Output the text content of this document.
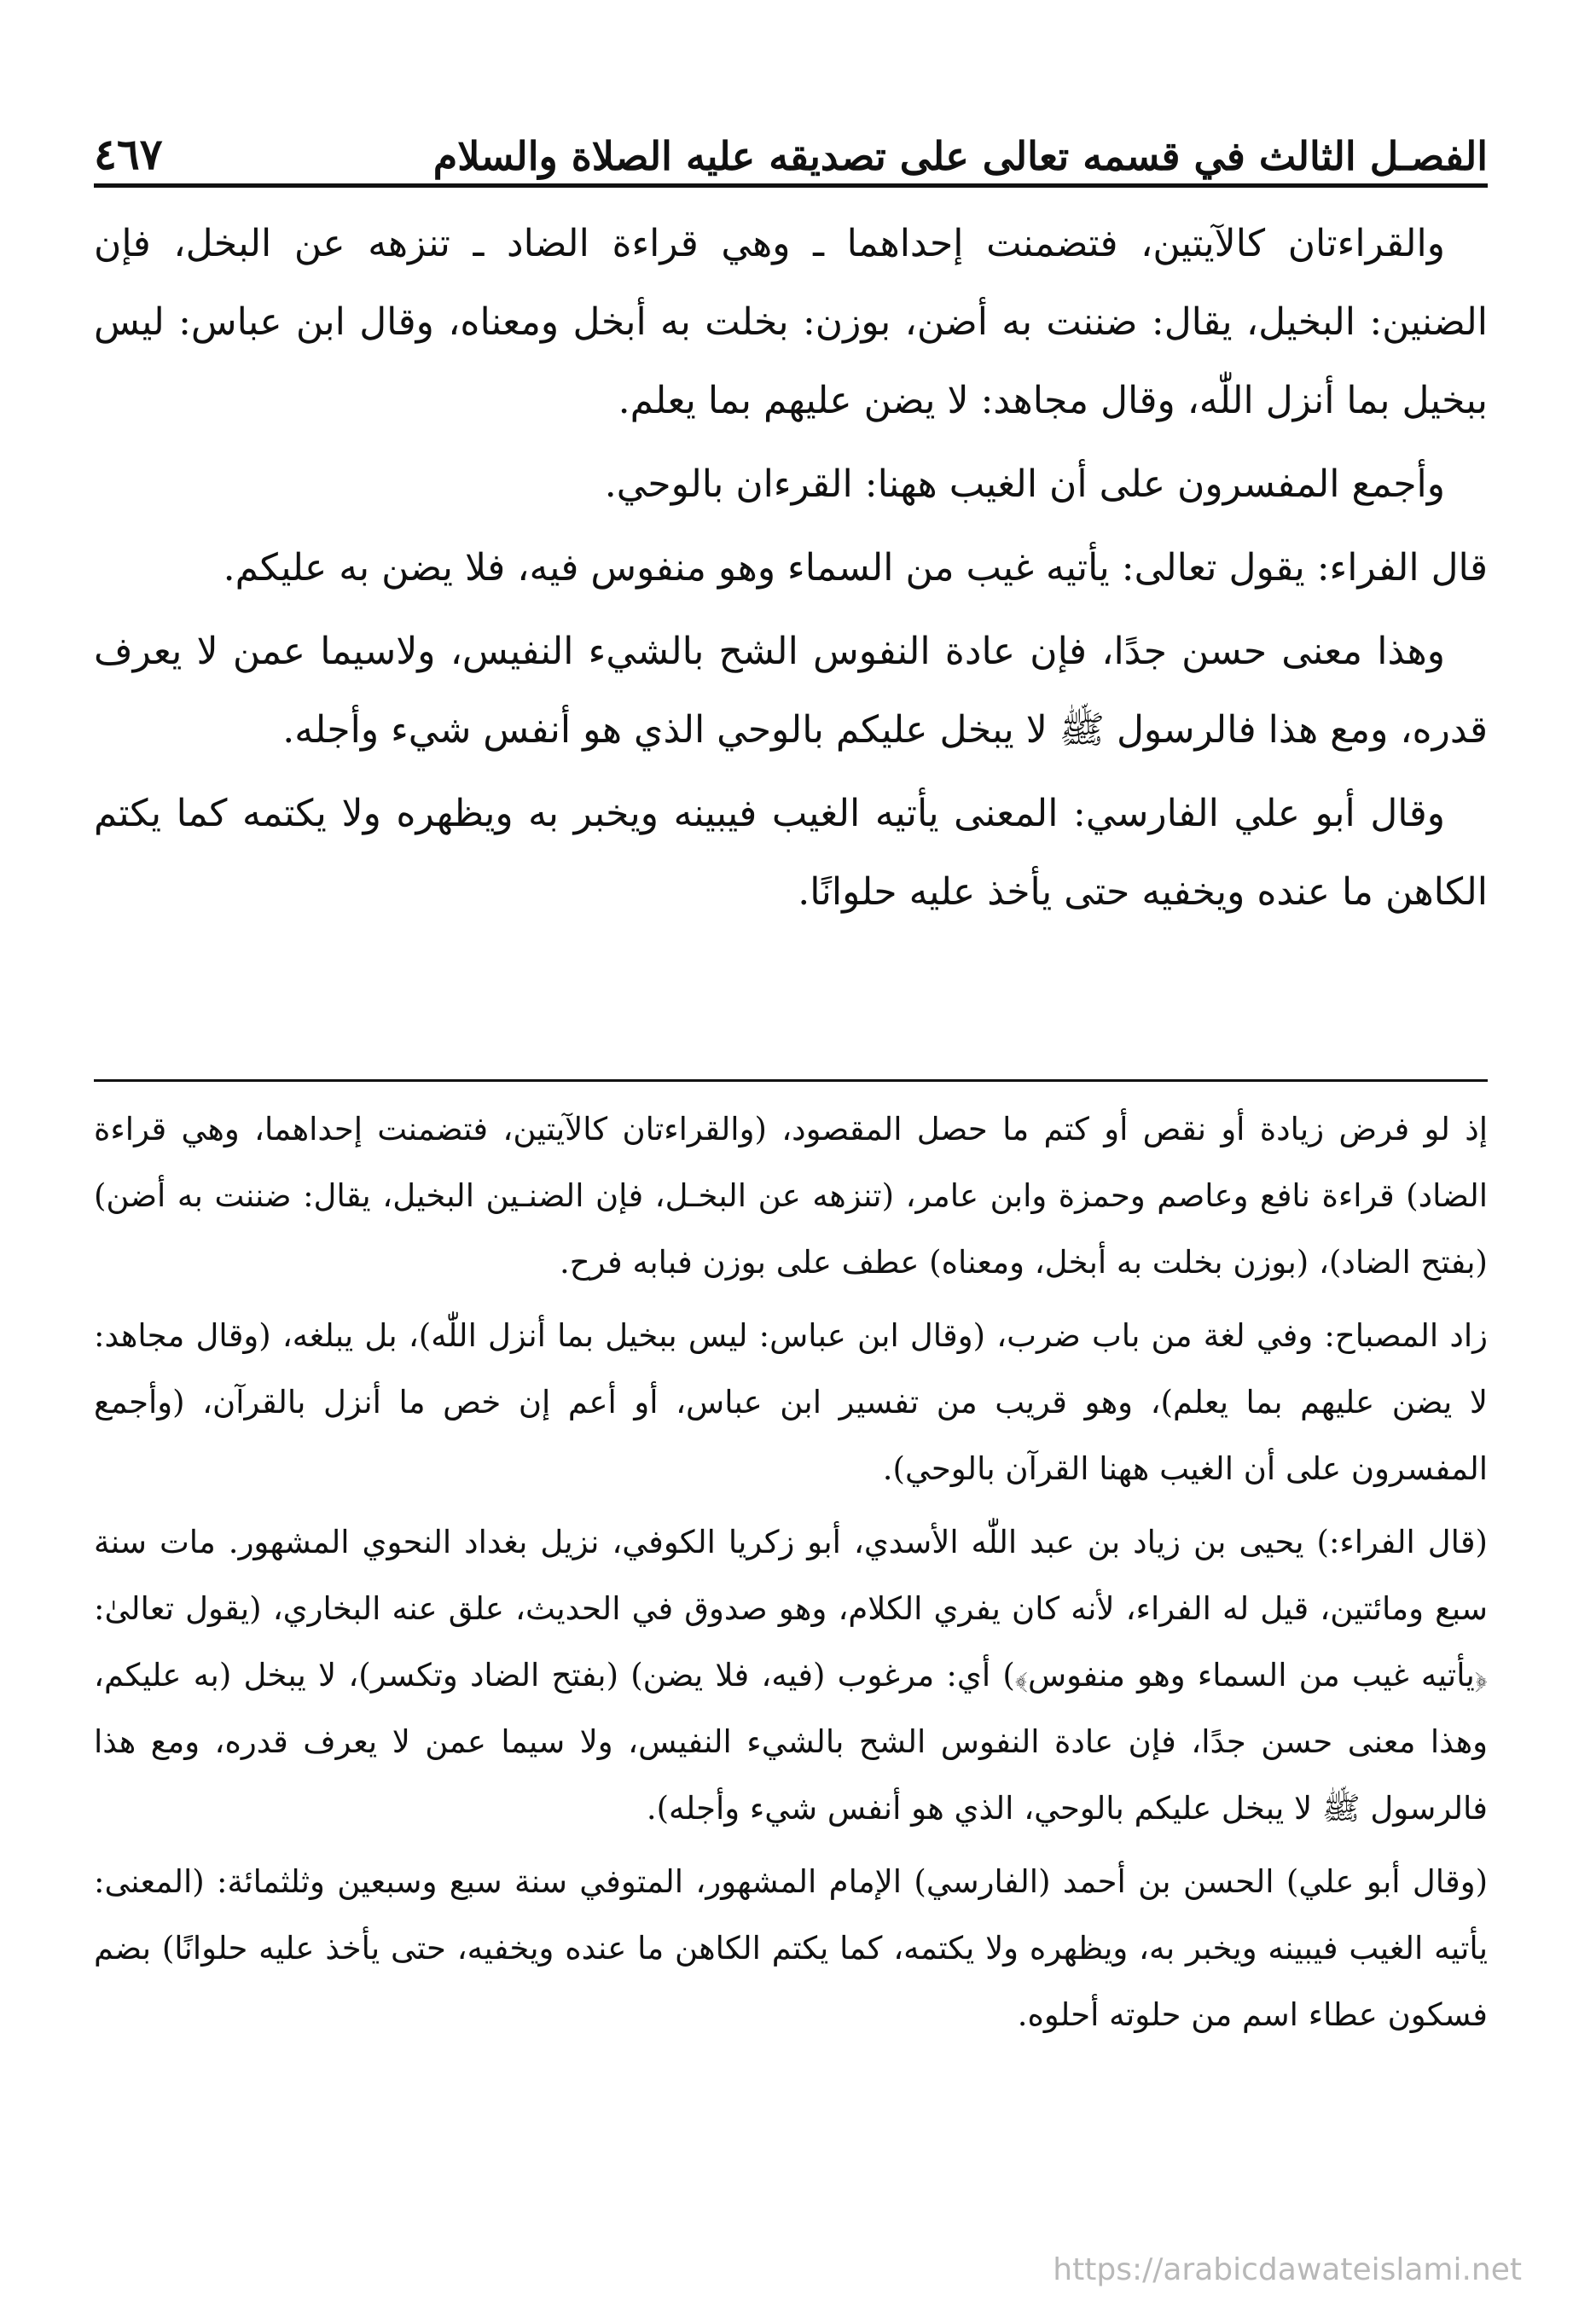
الفصـل الثالث في قسمه تعالى على تصديقه عليه الصلاة والسلام
٤٦٧

والقراءتان كالآيتين، فتضمنت إحداهما ـ وهي قراءة الضاد ـ تنزهه عن البخل، فإن الضنين: البخيل، يقال: ضننت به أضن، بوزن: بخلت به أبخل ومعناه، وقال ابن عباس: ليس ببخيل بما أنزل اللّٰه، وقال مجاهد: لا يضن عليهم بما يعلم.

وأجمع المفسرون على أن الغيب ههنا: القرءان بالوحي.

قال الفراء: يقول تعالى: يأتيه غيب من السماء وهو منفوس فيه، فلا يضن به عليكم.

وهذا معنى حسن جدًا، فإن عادة النفوس الشح بالشيء النفيس، ولاسيما عمن لا يعرف قدره، ومع هذا فالرسول ﷺ لا يبخل عليكم بالوحي الذي هو أنفس شيء وأجله.

وقال أبو علي الفارسي: المعنى يأتيه الغيب فيبينه ويخبر به ويظهره ولا يكتمه كما يكتم الكاهن ما عنده ويخفيه حتى يأخذ عليه حلوانًا.

إذ لو فرض زيادة أو نقص أو كتم ما حصل المقصود، (والقراءتان كالآيتين، فتضمنت إحداهما، وهي قراءة الضاد) قراءة نافع وعاصم وحمزة وابن عامر، (تنزهه عن البخـل، فإن الضنـين البخيل، يقال: ضننت به أضن) (بفتح الضاد)، (بوزن بخلت به أبخل، ومعناه) عطف على بوزن فبابه فرح.

زاد المصباح: وفي لغة من باب ضرب، (وقال ابن عباس: ليس ببخيل بما أنزل اللّٰه)، بل يبلغه، (وقال مجاهد: لا يضن عليهم بما يعلم)، وهو قريب من تفسير ابن عباس، أو أعم إن خص ما أنزل بالقرآن، (وأجمع المفسرون على أن الغيب ههنا القرآن بالوحي).

(قال الفراء:) يحيى بن زياد بن عبد اللّٰه الأسدي، أبو زكريا الكوفي، نزيل بغداد النحوي المشهور. مات سنة سبع ومائتين، قيل له الفراء، لأنه كان يفري الكلام، وهو صدوق في الحديث، علق عنه البخاري، (يقول تعالىٰ: ﴿يأتيه غيب من السماء وهو منفوس﴾) أي: مرغوب (فيه، فلا يضن) (بفتح الضاد وتكسر)، لا يبخل (به عليكم، وهذا معنى حسن جدًا، فإن عادة النفوس الشح بالشيء النفيس، ولا سيما عمن لا يعرف قدره، ومع هذا فالرسول ﷺ لا يبخل عليكم بالوحي، الذي هو أنفس شيء وأجله).

(وقال أبو علي) الحسن بن أحمد (الفارسي) الإمام المشهور، المتوفي سنة سبع وسبعين وثلثمائة: (المعنى: يأتيه الغيب فيبينه ويخبر به، ويظهره ولا يكتمه، كما يكتم الكاهن ما عنده ويخفيه، حتى يأخذ عليه حلوانًا) بضم فسكون عطاء اسم من حلوته أحلوه.

https://arabicdawateislami.net
